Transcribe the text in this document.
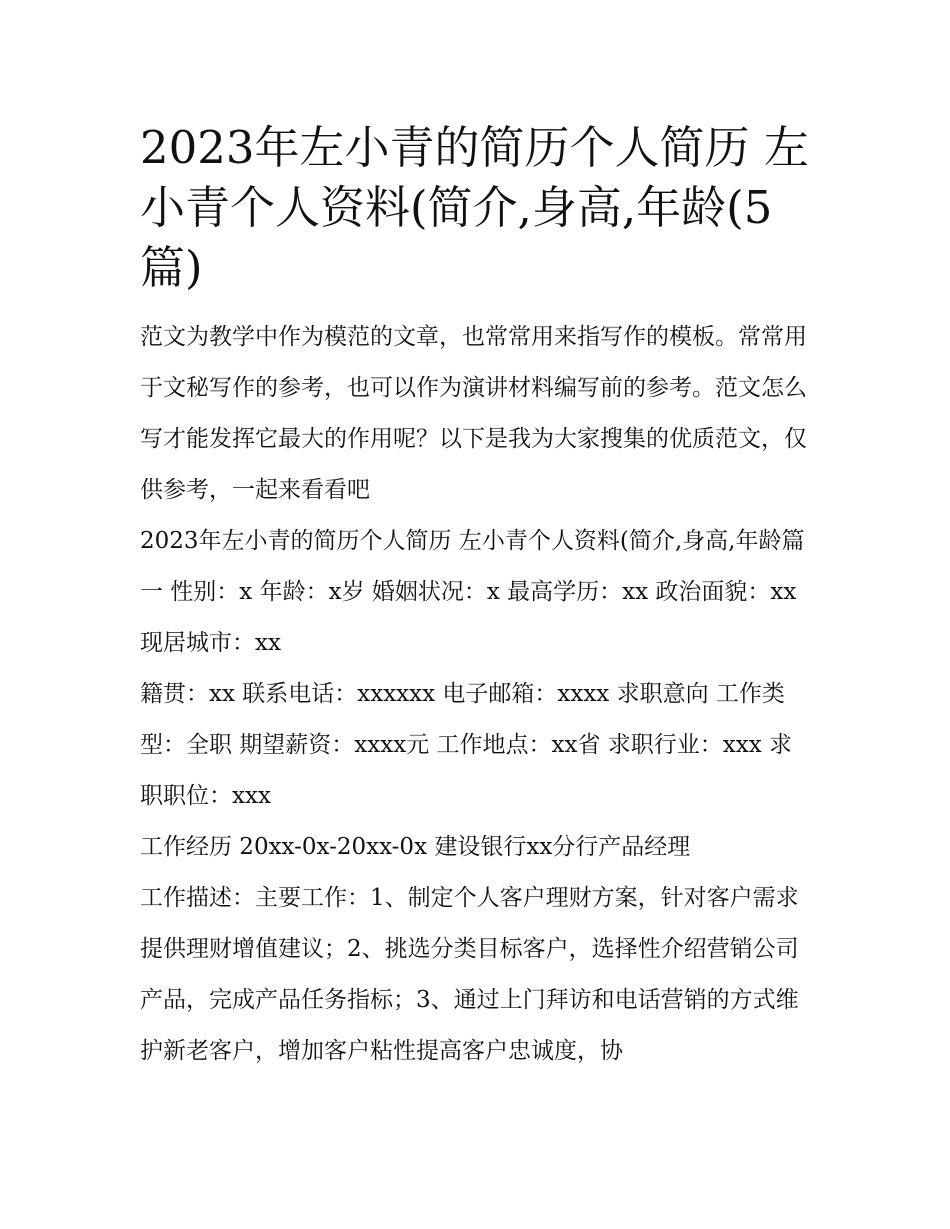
2023年左小青的简历个人简历 左小青个人资料(简介,身高,年龄(5篇)

范文为教学中作为模范的文章，也常常用来指写作的模板。常常用于文秘写作的参考，也可以作为演讲材料编写前的参考。范文怎么写才能发挥它最大的作用呢？以下是我为大家搜集的优质范文，仅供参考，一起来看看吧

2023年左小青的简历个人简历 左小青个人资料(简介,身高,年龄篇一 性别：x 年龄：x岁 婚姻状况：x 最高学历：xx 政治面貌：xx 现居城市：xx

籍贯：xx 联系电话：xxxxxx 电子邮箱：xxxx 求职意向 工作类型：全职 期望薪资：xxxx元 工作地点：xx省 求职行业：xxx 求职职位：xxx

工作经历 20xx-0x-20xx-0x 建设银行xx分行产品经理

工作描述：主要工作：1、制定个人客户理财方案，针对客户需求提供理财增值建议；2、挑选分类目标客户，选择性介绍营销公司产品，完成产品任务指标；3、通过上门拜访和电话营销的方式维护新老客户，增加客户粘性提高客户忠诚度，协
